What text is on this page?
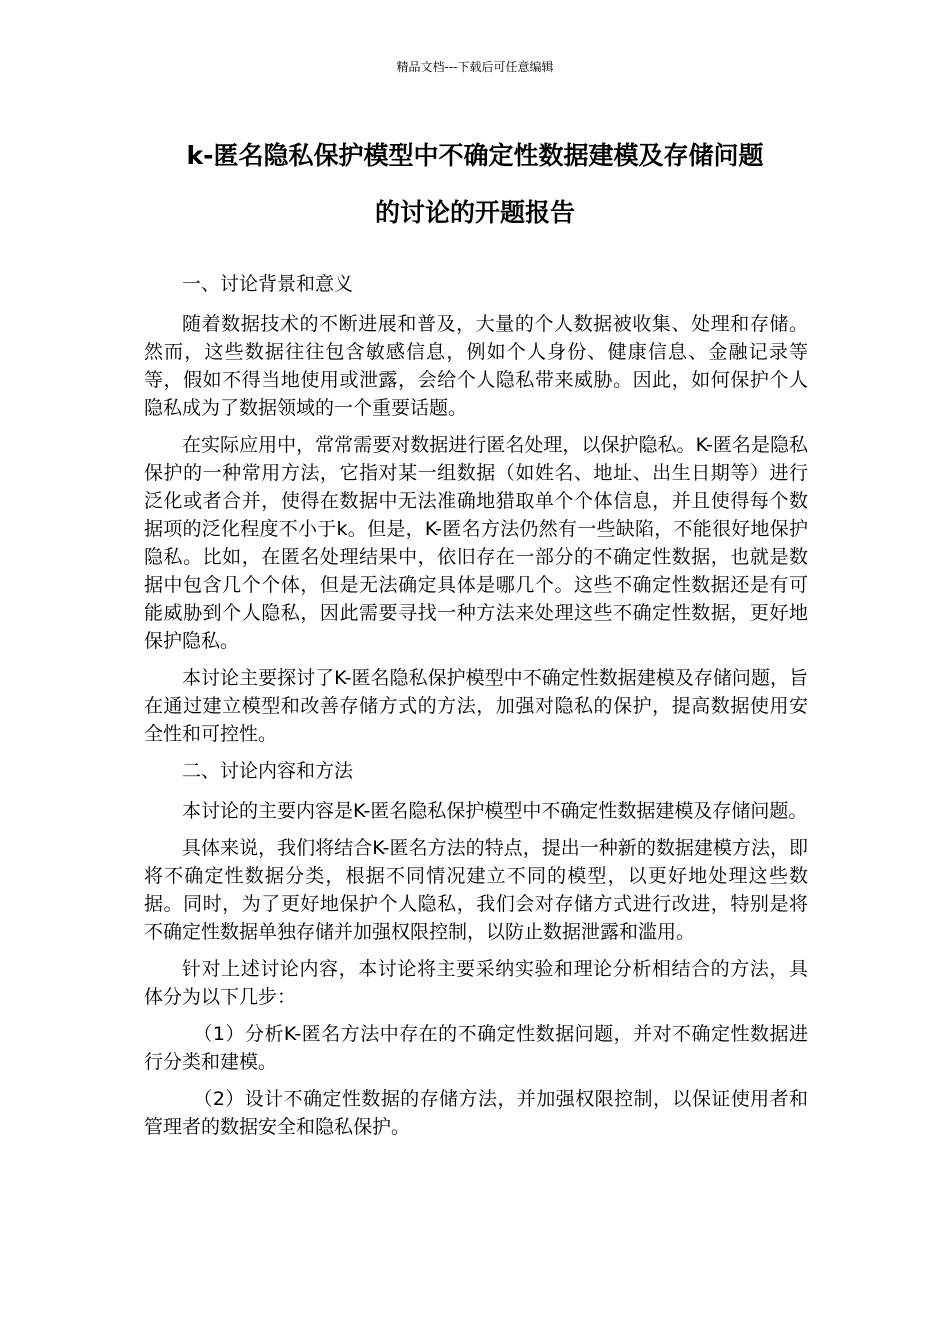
精品文档---下载后可任意编辑
k-匿名隐私保护模型中不确定性数据建模及存储问题
的讨论的开题报告

一、讨论背景和意义

随着数据技术的不断进展和普及，大量的个人数据被收集、处理和存储。然而，这些数据往往包含敏感信息，例如个人身份、健康信息、金融记录等等，假如不得当地使用或泄露，会给个人隐私带来威胁。因此，如何保护个人隐私成为了数据领域的一个重要话题。

在实际应用中，常常需要对数据进行匿名处理，以保护隐私。K-匿名是隐私保护的一种常用方法，它指对某一组数据（如姓名、地址、出生日期等）进行泛化或者合并，使得在数据中无法准确地猎取单个个体信息，并且使得每个数据项的泛化程度不小于k。但是，K-匿名方法仍然有一些缺陷，不能很好地保护隐私。比如，在匿名处理结果中，依旧存在一部分的不确定性数据，也就是数据中包含几个个体，但是无法确定具体是哪几个。这些不确定性数据还是有可能威胁到个人隐私，因此需要寻找一种方法来处理这些不确定性数据，更好地保护隐私。

本讨论主要探讨了K-匿名隐私保护模型中不确定性数据建模及存储问题，旨在通过建立模型和改善存储方式的方法，加强对隐私的保护，提高数据使用安全性和可控性。

二、讨论内容和方法

本讨论的主要内容是K-匿名隐私保护模型中不确定性数据建模及存储问题。

具体来说，我们将结合K-匿名方法的特点，提出一种新的数据建模方法，即将不确定性数据分类，根据不同情况建立不同的模型，以更好地处理这些数据。同时，为了更好地保护个人隐私，我们会对存储方式进行改进，特别是将不确定性数据单独存储并加强权限控制，以防止数据泄露和滥用。

针对上述讨论内容，本讨论将主要采纳实验和理论分析相结合的方法，具体分为以下几步：

（1）分析K-匿名方法中存在的不确定性数据问题，并对不确定性数据进行分类和建模。

（2）设计不确定性数据的存储方法，并加强权限控制，以保证使用者和管理者的数据安全和隐私保护。
